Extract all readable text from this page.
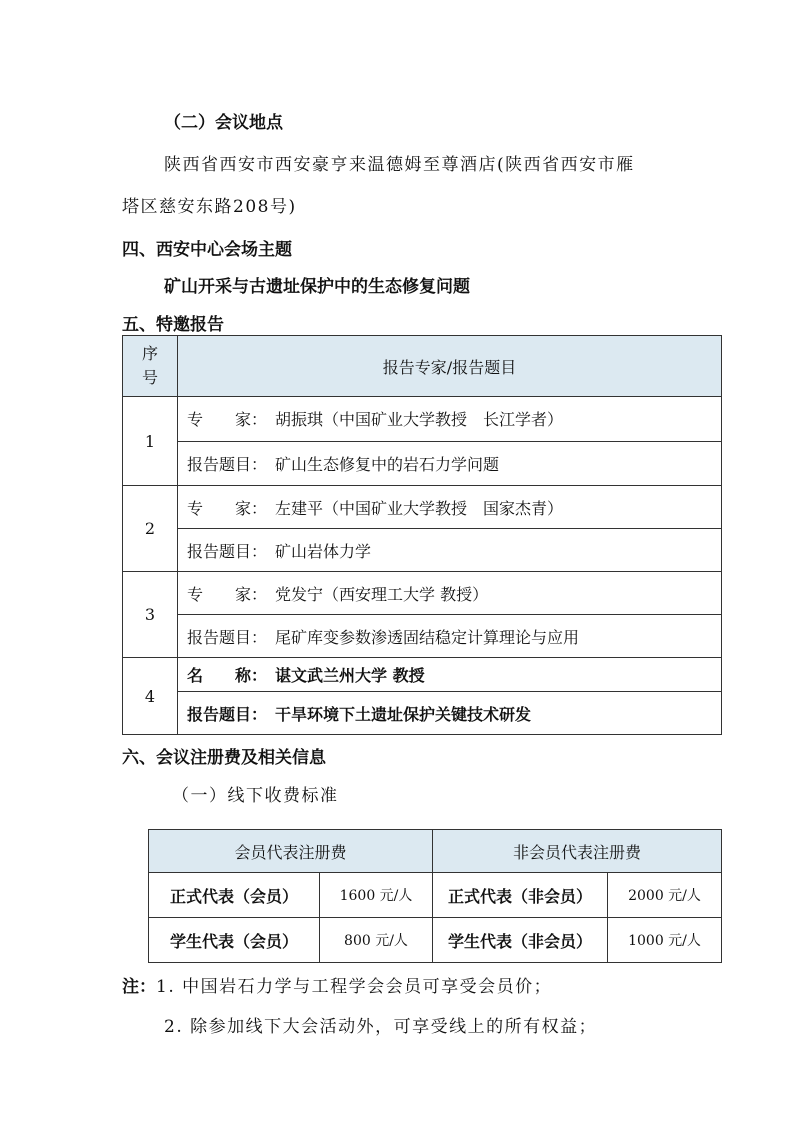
（二）会议地点
陕西省西安市西安豪亨来温德姆至尊酒店(陕西省西安市雁
塔区慈安东路208号)
四、西安中心会场主题
矿山开采与古遗址保护中的生态修复问题
五、特邀报告
序号	报告专家/报告题目
1	专　　家： 胡振琪（中国矿业大学教授　长江学者）
	报告题目： 矿山生态修复中的岩石力学问题
2	专　　家： 左建平（中国矿业大学教授　国家杰青）
	报告题目： 矿山岩体力学
3	专　　家： 党发宁（西安理工大学 教授）
	报告题目： 尾矿库变参数渗透固结稳定计算理论与应用
4	名　　称： 谌文武兰州大学 教授
	报告题目： 干旱环境下土遗址保护关键技术研发
六、会议注册费及相关信息
（一）线下收费标准
会员代表注册费		非会员代表注册费	
正式代表（会员）	1600 元/人	正式代表（非会员）	2000 元/人
学生代表（会员）	800 元/人	学生代表（非会员）	1000 元/人
注：1. 中国岩石力学与工程学会会员可享受会员价；
2. 除参加线下大会活动外，可享受线上的所有权益；
